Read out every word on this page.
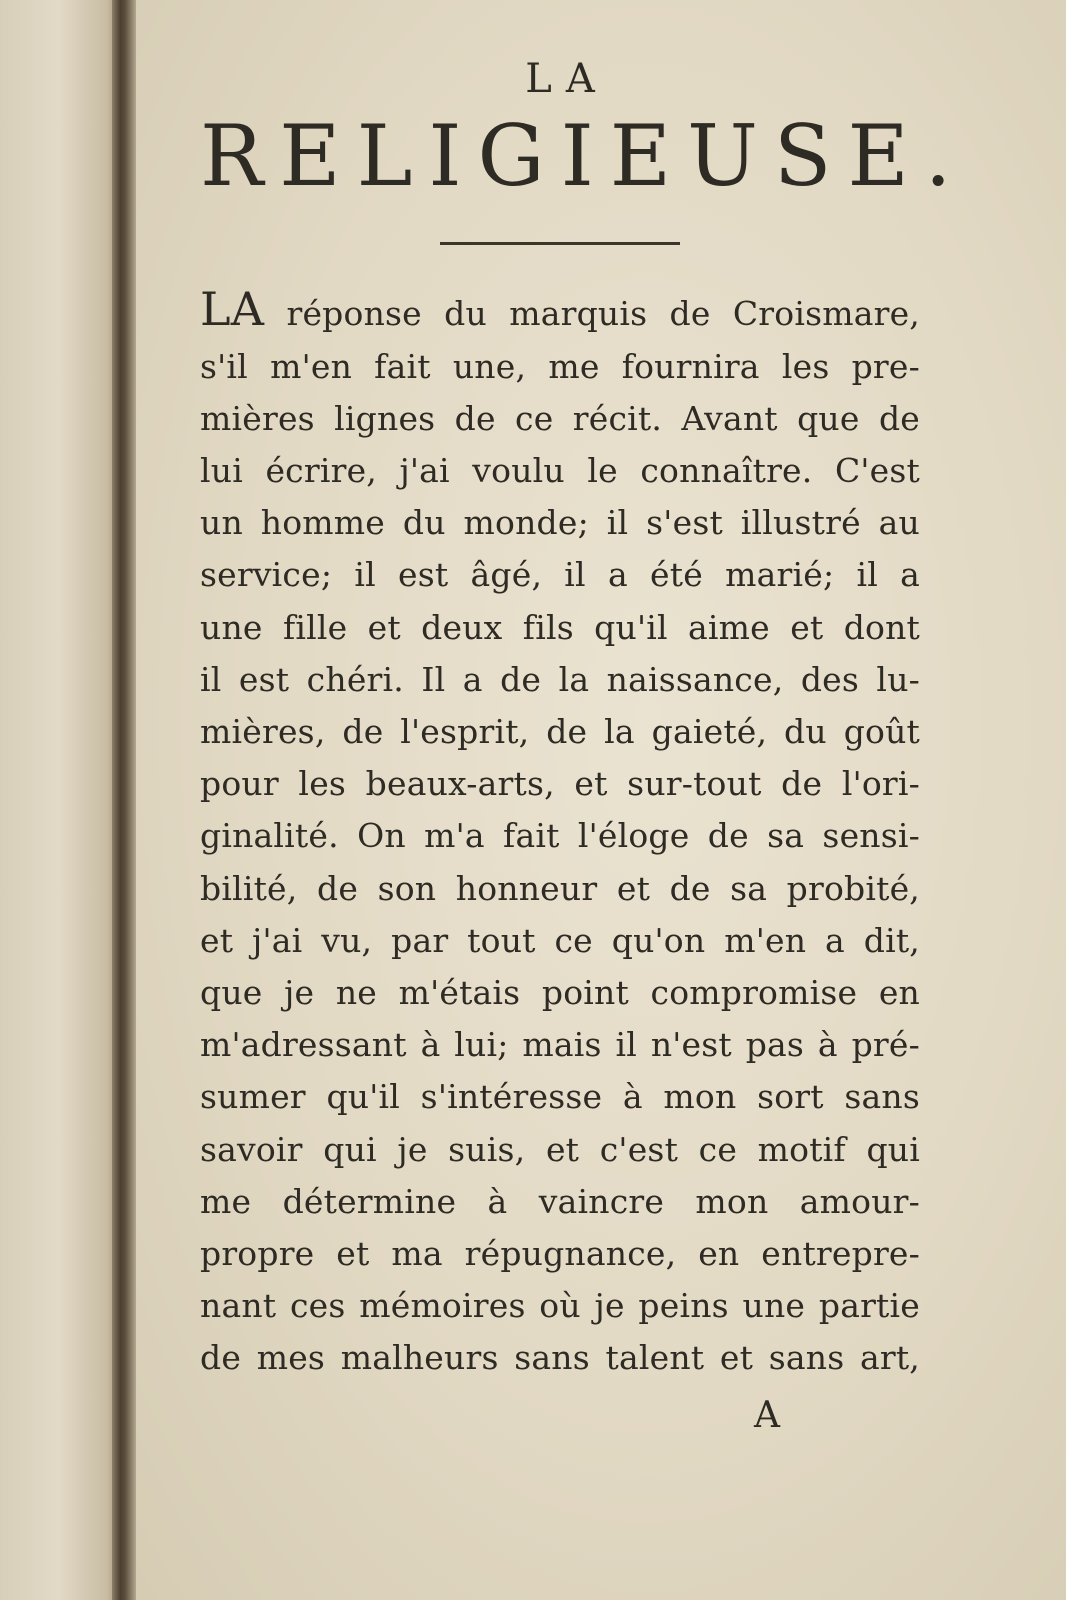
LA
RELIGIEUSE.
LA réponse du marquis de Croismare,
s'il m'en fait une, me fournira les pre-
mières lignes de ce récit. Avant que de
lui écrire, j'ai voulu le connaître. C'est
un homme du monde; il s'est illustré au
service; il est âgé, il a été marié; il a
une fille et deux fils qu'il aime et dont
il est chéri. Il a de la naissance, des lu-
mières, de l'esprit, de la gaieté, du goût
pour les beaux-arts, et sur-tout de l'ori-
ginalité. On m'a fait l'éloge de sa sensi-
bilité, de son honneur et de sa probité,
et j'ai vu, par tout ce qu'on m'en a dit,
que je ne m'étais point compromise en
m'adressant à lui; mais il n'est pas à pré-
sumer qu'il s'intéresse à mon sort sans
savoir qui je suis, et c'est ce motif qui
me détermine à vaincre mon amour-
propre et ma répugnance, en entrepre-
nant ces mémoires où je peins une partie
de mes malheurs sans talent et sans art,
A
